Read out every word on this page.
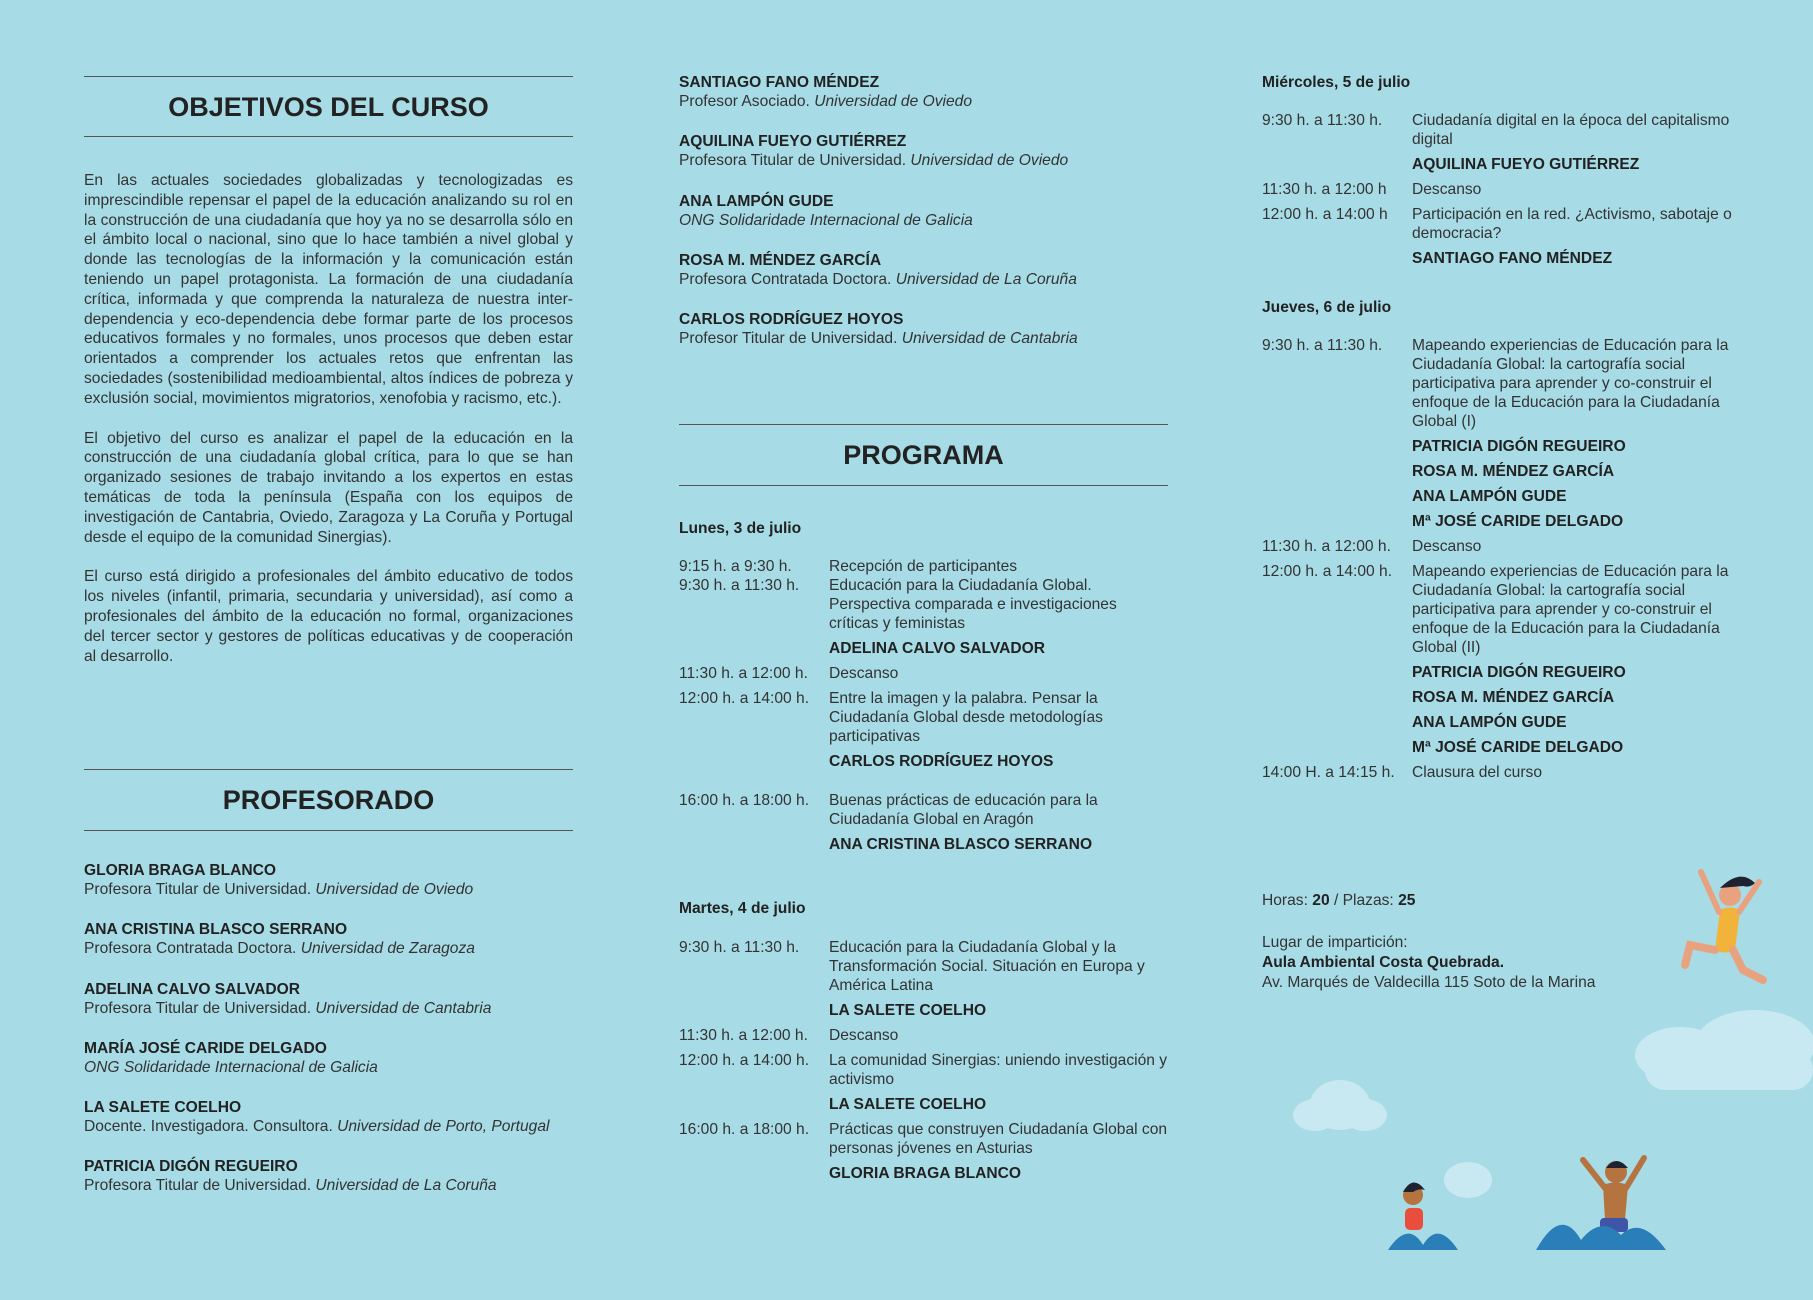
OBJETIVOS DEL CURSO

En las actuales sociedades globalizadas y tecnologizadas es imprescindible repensar el papel de la educación analizando su rol en la construcción de una ciudadanía que hoy ya no se desarrolla sólo en el ámbito local o nacional, sino que lo hace también a nivel global y donde las tecnologías de la información y la comunicación están teniendo un papel protagonista. La formación de una ciudadanía crítica, informada y que comprenda la naturaleza de nuestra inter-dependencia y eco-dependencia debe formar parte de los procesos educativos formales y no formales, unos procesos que deben estar orientados a comprender los actuales retos que enfrentan las sociedades (sostenibilidad medioambiental, altos índices de pobreza y exclusión social, movimientos migratorios, xenofobia y racismo, etc.).

El objetivo del curso es analizar el papel de la educación en la construcción de una ciudadanía global crítica, para lo que se han organizado sesiones de trabajo invitando a los expertos en estas temáticas de toda la península (España con los equipos de investigación de Cantabria, Oviedo, Zaragoza y La Coruña y Portugal desde el equipo de la comunidad Sinergias).

El curso está dirigido a profesionales del ámbito educativo de todos los niveles (infantil, primaria, secundaria y universidad), así como a profesionales del ámbito de la educación no formal, organizaciones del tercer sector y gestores de políticas educativas y de cooperación al desarrollo.

PROFESORADO
GLORIA BRAGA BLANCO
Profesora Titular de Universidad. Universidad de Oviedo
ANA CRISTINA BLASCO SERRANO
Profesora Contratada Doctora. Universidad de Zaragoza
ADELINA CALVO SALVADOR
Profesora Titular de Universidad. Universidad de Cantabria
MARÍA JOSÉ CARIDE DELGADO
ONG Solidaridade Internacional de Galicia
LA SALETE COELHO
Docente. Investigadora. Consultora. Universidad de Porto, Portugal
PATRICIA DIGÓN REGUEIRO
Profesora Titular de Universidad. Universidad de La Coruña
SANTIAGO FANO MÉNDEZ
Profesor Asociado. Universidad de Oviedo
AQUILINA FUEYO GUTIÉRREZ
Profesora Titular de Universidad. Universidad de Oviedo
ANA LAMPÓN GUDE
ONG Solidaridade Internacional de Galicia
ROSA M. MÉNDEZ GARCÍA
Profesora Contratada Doctora. Universidad de La Coruña
CARLOS RODRÍGUEZ HOYOS
Profesor Titular de Universidad. Universidad de Cantabria
PROGRAMA
Lunes, 3 de julio
9:15 h. a 9:30 h.	Recepción de participantes
9:30 h. a 11:30 h.	Educación para la Ciudadanía Global. Perspectiva comparada e investigaciones críticas y feministas
ADELINA CALVO SALVADOR
11:30 h. a 12:00 h.	Descanso
12:00 h. a 14:00 h.	Entre la imagen y la palabra. Pensar la Ciudadanía Global desde metodologías participativas
CARLOS RODRÍGUEZ HOYOS
16:00 h. a 18:00 h.	Buenas prácticas de educación para la Ciudadanía Global en Aragón
ANA CRISTINA BLASCO SERRANO
Martes, 4 de julio
9:30 h. a 11:30 h.	Educación para la Ciudadanía Global y la Transformación Social. Situación en Europa y América Latina
LA SALETE COELHO
11:30 h. a 12:00 h.	Descanso
12:00 h. a 14:00 h.	La comunidad Sinergias: uniendo investigación y activismo
LA SALETE COELHO
16:00 h. a 18:00 h.	Prácticas que construyen Ciudadanía Global con personas jóvenes en Asturias
GLORIA BRAGA BLANCO
Miércoles, 5 de julio
9:30 h. a 11:30 h.	Ciudadanía digital en la época del capitalismo digital
AQUILINA FUEYO GUTIÉRREZ
11:30 h. a 12:00 h	Descanso
12:00 h. a 14:00 h	Participación en la red. ¿Activismo, sabotaje o democracia?
SANTIAGO FANO MÉNDEZ
Jueves, 6 de julio
9:30 h. a 11:30 h.	Mapeando experiencias de Educación para la Ciudadanía Global: la cartografía social participativa para aprender y co-construir el enfoque de la Educación para la Ciudadanía Global (I)
PATRICIA DIGÓN REGUEIRO
ROSA M. MÉNDEZ GARCÍA
ANA LAMPÓN GUDE
Mª JOSÉ CARIDE DELGADO
11:30 h. a 12:00 h.	Descanso
12:00 h. a 14:00 h.	Mapeando experiencias de Educación para la Ciudadanía Global: la cartografía social participativa para aprender y co-construir el enfoque de la Educación para la Ciudadanía Global (II)
PATRICIA DIGÓN REGUEIRO
ROSA M. MÉNDEZ GARCÍA
ANA LAMPÓN GUDE
Mª JOSÉ CARIDE DELGADO
14:00 H. a 14:15 h.	Clausura del curso
Horas: 20 / Plazas: 25
Lugar de impartición:
Aula Ambiental Costa Quebrada.
Av. Marqués de Valdecilla 115 Soto de la Marina
